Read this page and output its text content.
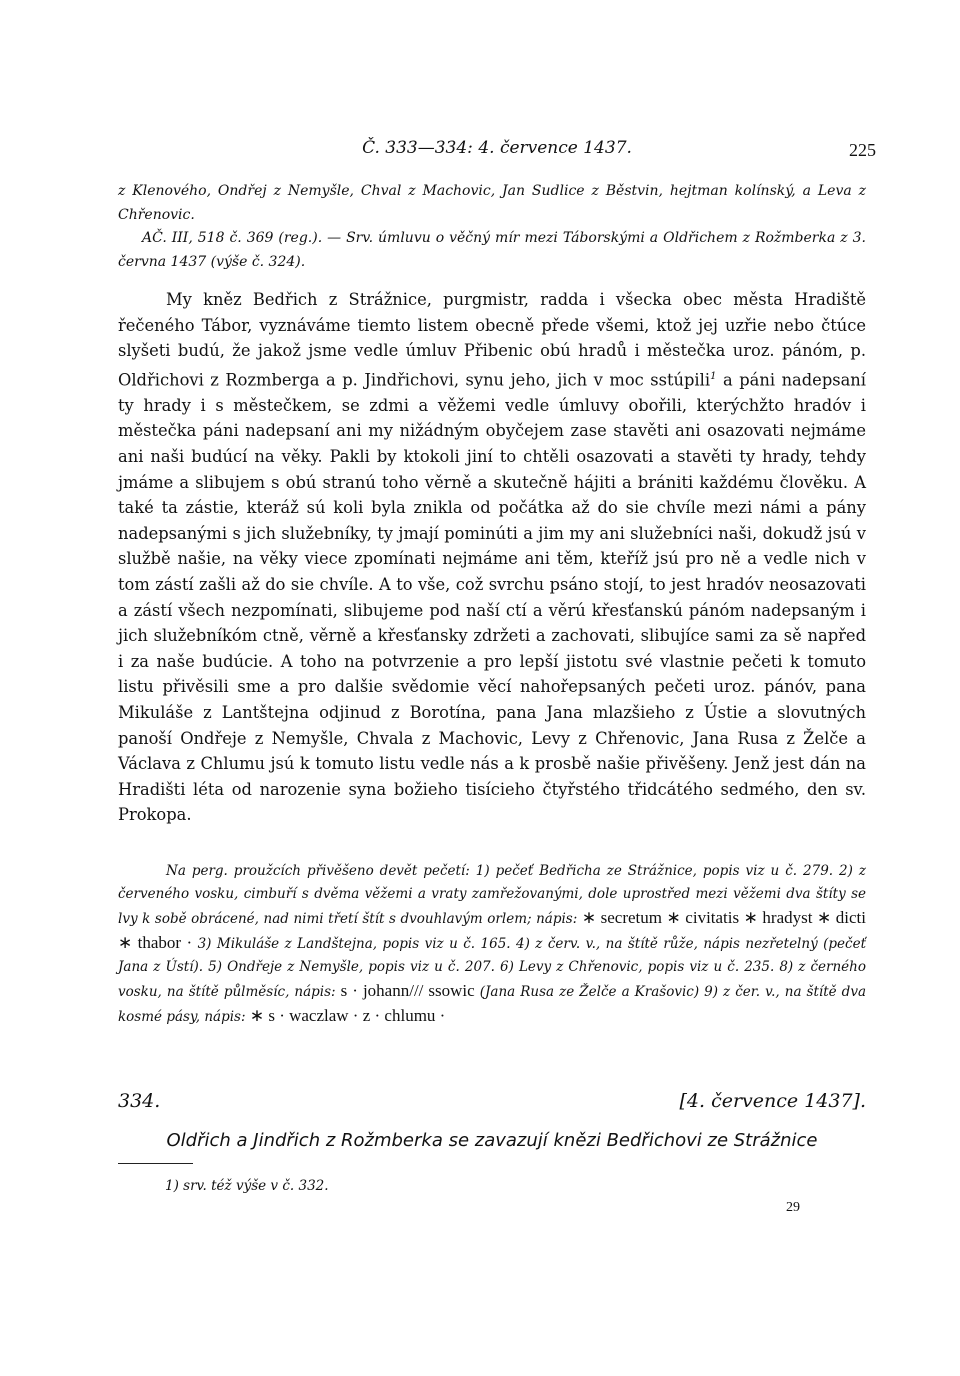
Č. 333—334: 4. července 1437.	225

z Klenového, Ondřej z Nemyšle, Chval z Machovic, Jan Sudlice z Běstvin, hejtman kolínský, a Leva z Chřenovic.

AČ. III, 518 č. 369 (reg.). — Srv. úmluvu o věčný mír mezi Táborskými a Oldřichem z Rožmberka z 3. června 1437 (výše č. 324).

My kněz Bedřich z Strážnice, purgmistr, radda i všecka obec města Hradiště řečeného Tábor, vyznáváme tiemto listem obecně přede všemi, ktož jej uzřie nebo čtúce slyšeti budú, že jakož jsme vedle úmluv Přibenic obú hradů i městečka uroz. pánóm, p. Oldřichovi z Rozmberga a p. Jindřichovi, synu jeho, jich v moc sstúpili$^1$ a páni nadepsaní ty hrady i s městečkem, se zdmi a věžemi vedle úmluvy obořili, kterýchžto hradóv i městečka páni nadepsaní ani my nižádným obyčejem zase stavěti ani osazovati nejmáme ani naši budúcí na věky. Pakli by ktokoli jiní to chtěli osazovati a stavěti ty hrady, tehdy jmáme a slibujem s obú stranú toho věrně a skutečně hájiti a brániti každému člověku. A také ta zástie, kteráž sú koli byla znikla od počátka až do sie chvíle mezi námi a pány nadepsanými s jich služebníky, ty jmají pominúti a jim my ani služebníci naši, dokudž jsú v službě našie, na věky viece zpomínati nejmáme ani těm, kteříž jsú pro ně a vedle nich v tom zástí zašli až do sie chvíle. A to vše, což svrchu psáno stojí, to jest hradóv neosazovati a zástí všech nezpomínati, slibujeme pod naší ctí a věrú křesťanskú pánóm nadepsaným i jich služebníkóm ctně, věrně a křesťansky zdržeti a zachovati, slibujíce sami za sě napřed i za naše budúcie. A toho na potvrzenie a pro lepší jistotu své vlastnie pečeti k tomuto listu přivěsili sme a pro dalšie svědomie věcí nahořepsaných pečeti uroz. pánóv, pana Mikuláše z Lantštejna odjinud z Borotína, pana Jana mlazšieho z Ústie a slovutných panoší Ondřeje z Nemyšle, Chvala z Machovic, Levy z Chřenovic, Jana Rusa z Želče a Václava z Chlumu jsú k tomuto listu vedle nás a k prosbě našie přivěšeny. Jenž jest dán na Hradišti léta od narozenie syna božieho tisícieho čtyřstého třidcátého sedmého, den sv. Prokopa.

Na perg. proužcích přivěšeno devět pečetí: 1) pečeť Bedřicha ze Strážnice, popis viz u č. 279. 2) z červeného vosku, cimbuří s dvěma věžemi a vraty zamřežovanými, dole uprostřed mezi věžemi dva štíty se lvy k sobě obrácené, nad nimi třetí štít s dvouhlavým orlem; nápis: ∗ secretum ∗ civitatis ∗ hradyst ∗ dicti ∗ thabor · 3) Mikuláše z Landštejna, popis viz u č. 165. 4) z červ. v., na štítě růže, nápis nezřetelný (pečeť Jana z Ústí). 5) Ondřeje z Nemyšle, popis viz u č. 207. 6) Levy z Chřenovic, popis viz u č. 235. 8) z černého vosku, na štítě půlměsíc, nápis: s · johann/// ssowic (Jana Rusa ze Želče a Krašovic) 9) z čer. v., na štítě dva kosmé pásy, nápis: ∗ s · waczlaw · z · chlumu ·

334.	[4. července 1437].
Oldřich a Jindřich z Rožmberka se zavazují knězi Bedřichovi ze Strážnice
1) srv. též výše v č. 332.
29
